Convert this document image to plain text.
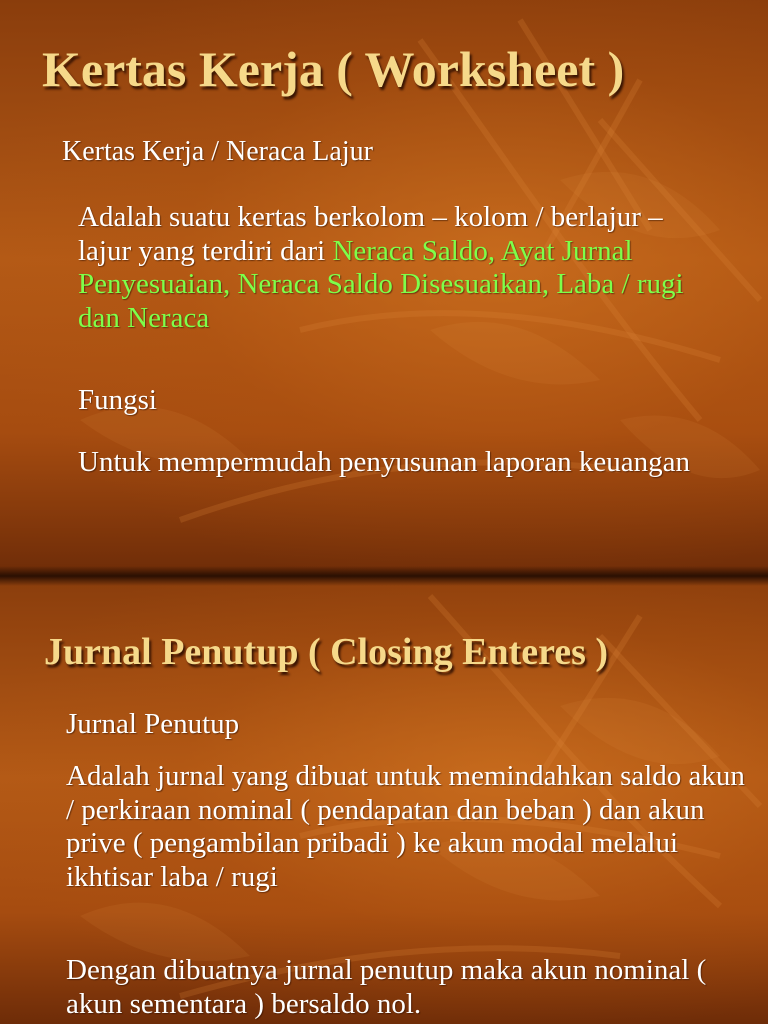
Kertas Kerja ( Worksheet )

Kertas Kerja / Neraca Lajur

Adalah suatu kertas berkolom – kolom / berlajur – lajur yang terdiri dari Neraca Saldo, Ayat Jurnal Penyesuaian, Neraca Saldo Disesuaikan, Laba / rugi dan Neraca

Fungsi

Untuk mempermudah penyusunan laporan keuangan

Jurnal Penutup ( Closing Enteres )

Jurnal Penutup

Adalah jurnal yang dibuat untuk memindahkan saldo akun / perkiraan nominal ( pendapatan dan beban ) dan akun prive ( pengambilan pribadi ) ke akun modal melalui ikhtisar laba / rugi

Dengan dibuatnya jurnal penutup maka akun nominal ( akun sementara ) bersaldo nol.
